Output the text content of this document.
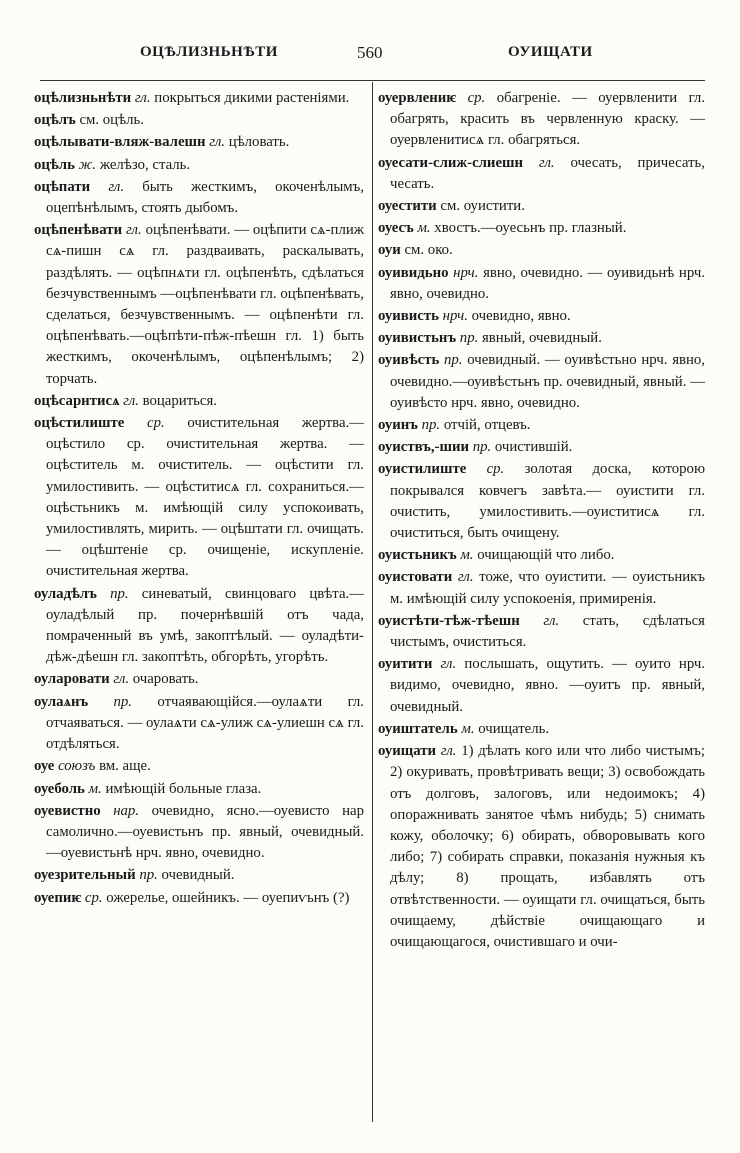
ОЦѢЛИЗНЬНѢТИ	560	ОУИЩАТИ

оцѣлизньнѣти гл. покрыться дикими растеніями.

оцѣлъ см. оцѣль.

оцѣлывати-вляж-валешн гл. цѣловать.

оцѣль ж. желѣзо, сталь.

оцѣпати гл. быть жесткимъ, окоченѣлымъ, оцепѣнѣлымъ, стоять дыбомъ.

оцѣпенѣвати гл. оцѣпенѣвати. — оцѣпити сѧ-плиж сѧ-пишн сѧ гл. раздваивать, раскалывать, раздѣлять. — оцѣпнѧти гл. оцѣпенѣть, сдѣлаться безчувственнымъ —оцѣпенѣвати гл. оцѣпенѣвать, сделаться, безчувственнымъ. — оцѣпенѣти гл. оцѣпенѣвать.—оцѣпѣти-пѣж-пѣешн гл. 1) быть жесткимъ, окоченѣлымъ, оцѣпенѣлымъ; 2) торчать.

оцѣсарнтисѧ гл. воцариться.

оцѣстилиште ср. очистительная жертва.—оцѣстило ср. очистительная жертва. — оцѣститель м. очиститель. — оцѣстити гл. умилостивить. — оцѣститисѧ гл. сохраниться.—оцѣстьникъ м. имѣющій силу успокоивать, умилостивлять, мирить. — оцѣштати гл. очищать.— оцѣштеніе ср. очищеніе, искупленіе. очистительная жертва.

оуладѣлъ пр. синеватый, свинцоваго цвѣта.—оуладѣлый пр. почернѣвшій отъ чада, помраченный въ умѣ, закоптѣлый. — оуладѣти-дѣж-дѣешн гл. закоптѣть, обгорѣть, угорѣть.

оуларовати гл. очаровать.

оулаѧнъ пр. отчаявающійся.—оулаѧти гл. отчаяваться. — оулаѧти сѧ-улиж сѧ-улиешн сѧ гл. отдѣляться.

оуе союзъ вм. аще.

оуеболь м. имѣющій больные глаза.

оуевистно нар. очевидно, ясно.—оуевисто нар самолично.—оуевистьнъ пр. явный, очевидный.—оуевистьнѣ нрч. явно, очевидно.

оуезрительный пр. очевидный.

оуепиѥ ср. ожерелье, ошейникъ. — оуепиѵьнъ (?)

оуервлениѥ ср. обагреніе. — оуервленити гл. обагрять, красить въ червленную краску. — оуервленитисѧ гл. обагряться.

оуесати-слиж-слиешн гл. очесать, причесать, чесать.

оуестити см. оуистити.

оуесъ м. хвостъ.—оуесьнъ пр. глазный.

оуи см. око.

оуивидьно нрч. явно, очевидно. — оуивидьнѣ нрч. явно, очевидно.

оуивисть нрч. очевидно, явно.

оуивистьнъ пр. явный, очевидный.

оуивѣсть пр. очевидный. — оуивѣстьно нрч. явно, очевидно.—оуивѣстьнъ пр. очевидный, явный. — оуивѣсто нрч. явно, очевидно.

оуинъ пр. отчій, отцевъ.

оуиствъ,-шии пр. очистившій.

оуистилиште ср. золотая доска, которою покрывался ковчегъ завѣта.— оуистити гл. очистить, умилостивить.—оуиститисѧ гл. очиститься, быть очищену.

оуистьникъ м. очищающій что либо.

оуистовати гл. тоже, что оуистити. — оуистьникъ м. имѣющій силу успокоенія, примиренія.

оуистѣти-тѣж-тѣешн гл. стать, сдѣлаться чистымъ, очиститься.

оуитити гл. послышать, ощутить. — оуито нрч. видимо, очевидно, явно. —оуитъ пр. явный, очевидный.

оуиштатель м. очищатель.

оуищати гл. 1) дѣлать кого или что либо чистымъ; 2) окуривать, провѣтривать вещи; 3) освобождать отъ долговъ, залоговъ, или недоимокъ; 4) опоражнивать занятое чѣмъ нибудь; 5) снимать кожу, оболочку; 6) обирать, обворовывать кого либо; 7) собирать справки, показанія нужныя къ дѣлу; 8) прощать, избавлять отъ отвѣтственности. — оуищати гл. очищаться, быть очищаему, дѣйствіе очищающаго и очищающагося, очистившаго и очи-
